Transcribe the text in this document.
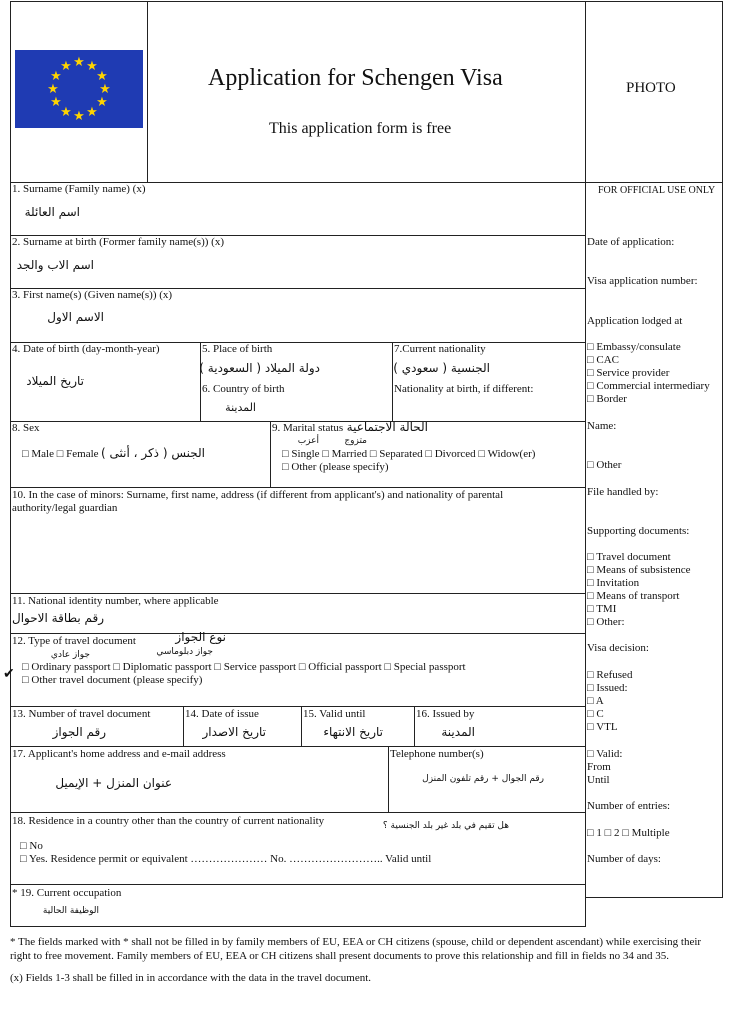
★ ★
★
★
★
★
★
★
★
★
★
★	Application for Schengen Visa
This application form is free
PHOTO
1. Surname (Family name) (x)
اسم العائلة
2. Surname at birth (Former family name(s)) (x)
اسم الاب والجد
3. First name(s) (Given name(s)) (x)
الاسم الاول
4. Date of birth (day-month-year)
تاريخ الميلاد
5. Place of birth
دولة الميلاد ( السعودية )
6. Country of birth
المدينة
7.Current nationality
الجنسية ( سعودي )
Nationality at birth, if different:
8. Sex
□ Male □ Female الجنس ( ذكر ، أنثى )
9. Marital status الحالة الاجتماعية
أعزب	متزوج
□ Single □ Married □ Separated □ Divorced □ Widow(er)
□ Other (please specify)
10. In the case of minors: Surname, first name, address (if different from applicant's) and nationality of parental
authority/legal guardian
11. National identity number, where applicable
رقم بطاقة الاحوال
12. Type of travel document	نوع الجواز
جواز دبلوماسي
جواز عادي
✔ □ Ordinary passport □ Diplomatic passport □ Service passport □ Official passport □ Special passport
□ Other travel document (please specify)
13. Number of travel document
رقم الجواز
14. Date of issue
تاريخ الاصدار
15. Valid until
تاريخ الانتهاء
16. Issued by
المدينة
17. Applicant's home address and e-mail address
عنوان المنزل + الإيميل
Telephone number(s)
رقم الجوال + رقم تلفون المنزل
18. Residence in a country other than the country of current nationality	هل تقيم في بلد غير بلد الجنسية ؟
□ No
□ Yes. Residence permit or equivalent ………………… No. …………………….. Valid until
* 19. Current occupation
الوظيفة الحالية
FOR OFFICIAL USE ONLY
Date of application:
Visa application number:
Application lodged at
□ Embassy/consulate
□ CAC
□ Service provider
□ Commercial intermediary
□ Border
Name:
□ Other
File handled by:
Supporting documents:
□ Travel document
□ Means of subsistence
□ Invitation
□ Means of transport
□ TMI
□ Other:
Visa decision:
□ Refused
□ Issued:
□ A
□ C
□ VTL
□ Valid:
From
Until
Number of entries:
□ 1 □ 2 □ Multiple
Number of days:
* The fields marked with * shall not be filled in by family members of EU, EEA or CH citizens (spouse, child or dependent ascendant) while exercising their right to free movement. Family members of EU, EEA or CH citizens shall present documents to prove this relationship and fill in fields no 34 and 35.
(x) Fields 1-3 shall be filled in in accordance with the data in the travel document.
